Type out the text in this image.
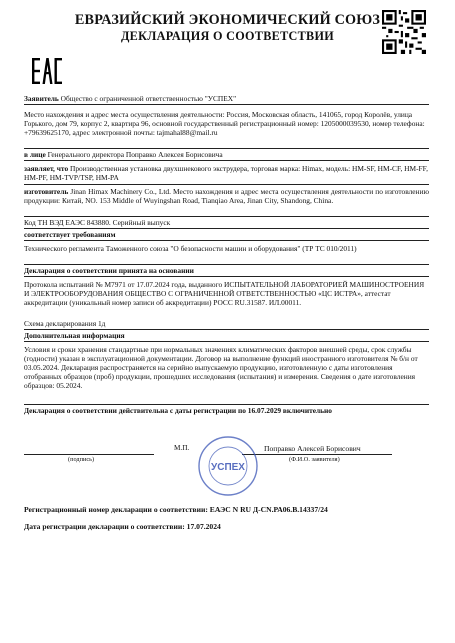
ЕВРАЗИЙСКИЙ ЭКОНОМИЧЕСКИЙ СОЮЗ
ДЕКЛАРАЦИЯ О СООТВЕТСТВИИ
Заявитель Общество с ограниченной ответственностью "УСПЕХ"
Место нахождения и адрес места осуществления деятельности: Россия, Московская область, 141065, город Королёв, улица Горького, дом 79, корпус 2, квартира 96, основной государственный регистрационный номер: 1205000039530, номер телефона: +79639625170, адрес электронной почты: tajmahal88@mail.ru
в лице Генерального директора Поправко Алексея Борисовича
заявляет, что Производственная установка двухшнекового экструдера, торговая марка: Himax, модель: HM-SF, HM-CF, HM-FF, HM-PF, HM-TVP/TSP, HM-PA
изготовитель Jinan Himax Machinery Co., Ltd. Место нахождения и адрес места осуществления деятельности по изготовлению продукции: Китай, NO. 153 Middle of Wuyingshan Road, Tianqiao Area, Jinan City, Shandong, China.
Код ТН ВЭД ЕАЭС 843880. Серийный выпуск
соответствует требованиям
Технического регламента Таможенного союза "О безопасности машин и оборудования" (ТР ТС 010/2011)
Декларация о соответствии принята на основании
Протокола испытаний № М7971 от 17.07.2024 года, выданного ИСПЫТАТЕЛЬНОЙ ЛАБОРАТОРИЕЙ МАШИНОСТРОЕНИЯ И ЭЛЕКТРООБОРУДОВАНИЯ ОБЩЕСТВО С ОГРАНИЧЕННОЙ ОТВЕТСТВЕННОСТЬЮ «ЦС ИСТРА», аттестат аккредитации (уникальный номер записи об аккредитации) РОСС RU.31587. ИЛ.00011.
Схема декларирования 1д
Дополнительная информация
Условия и сроки хранения стандартные при нормальных значениях климатических факторов внешней среды, срок службы (годности) указан в эксплуатационной документации. Договор на выполнение функций иностранного изготовителя № б/н от 03.05.2024. Декларация распространяется на серийно выпускаемую продукцию, изготовленную с даты изготовления отобранных образцов (проб) продукции, прошедших исследования (испытания) и измерения. Сведения о дате изготовления образцов: 05.2024.
Декларация о соответствии действительна с даты регистрации по 16.07.2029 включительно
(подпись)
М.П.	Поправко Алексей Борисович
(Ф.И.О. заявителя)
УСПЕХ
Регистрационный номер декларации о соответствии: ЕАЭС N RU Д-CN.РА06.В.14337/24
Дата регистрации декларации о соответствии: 17.07.2024
